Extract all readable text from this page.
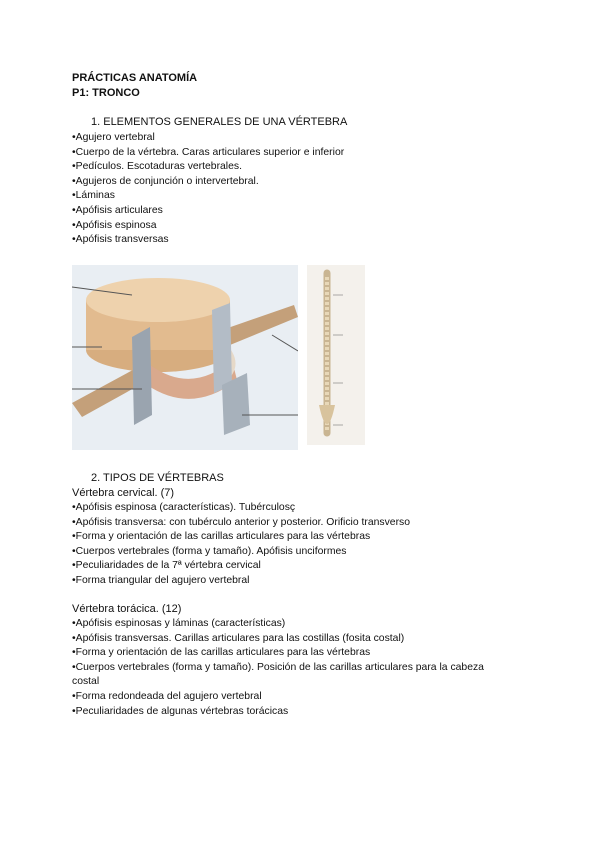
PRÁCTICAS ANATOMÍA
P1: TRONCO
1. ELEMENTOS GENERALES DE UNA VÉRTEBRA
• Agujero vertebral
• Cuerpo de la vértebra. Caras articulares superior e inferior
• Pedículos. Escotaduras vertebrales.
• Agujeros de conjunción o intervertebral.
• Láminas
• Apófisis articulares
• Apófisis espinosa
• Apófisis transversas
2. TIPOS DE VÉRTEBRAS
Vértebra cervical. (7)
• Apófisis espinosa (características). Tubérculosç
• Apófisis transversa: con tubérculo anterior y posterior. Orificio transverso
• Forma y orientación de las carillas articulares para las vértebras
• Cuerpos vertebrales (forma y tamaño). Apófisis unciformes
• Peculiaridades de la 7ª vértebra cervical
• Forma triangular del agujero vertebral
Vértebra torácica. (12)
• Apófisis espinosas y láminas (características)
• Apófisis transversas. Carillas articulares para las costillas (fosita costal)
• Forma y orientación de las carillas articulares para las vértebras
• Cuerpos vertebrales (forma y tamaño). Posición de las carillas articulares para la cabeza costal
• Forma redondeada del agujero vertebral
• Peculiaridades de algunas vértebras torácicas
